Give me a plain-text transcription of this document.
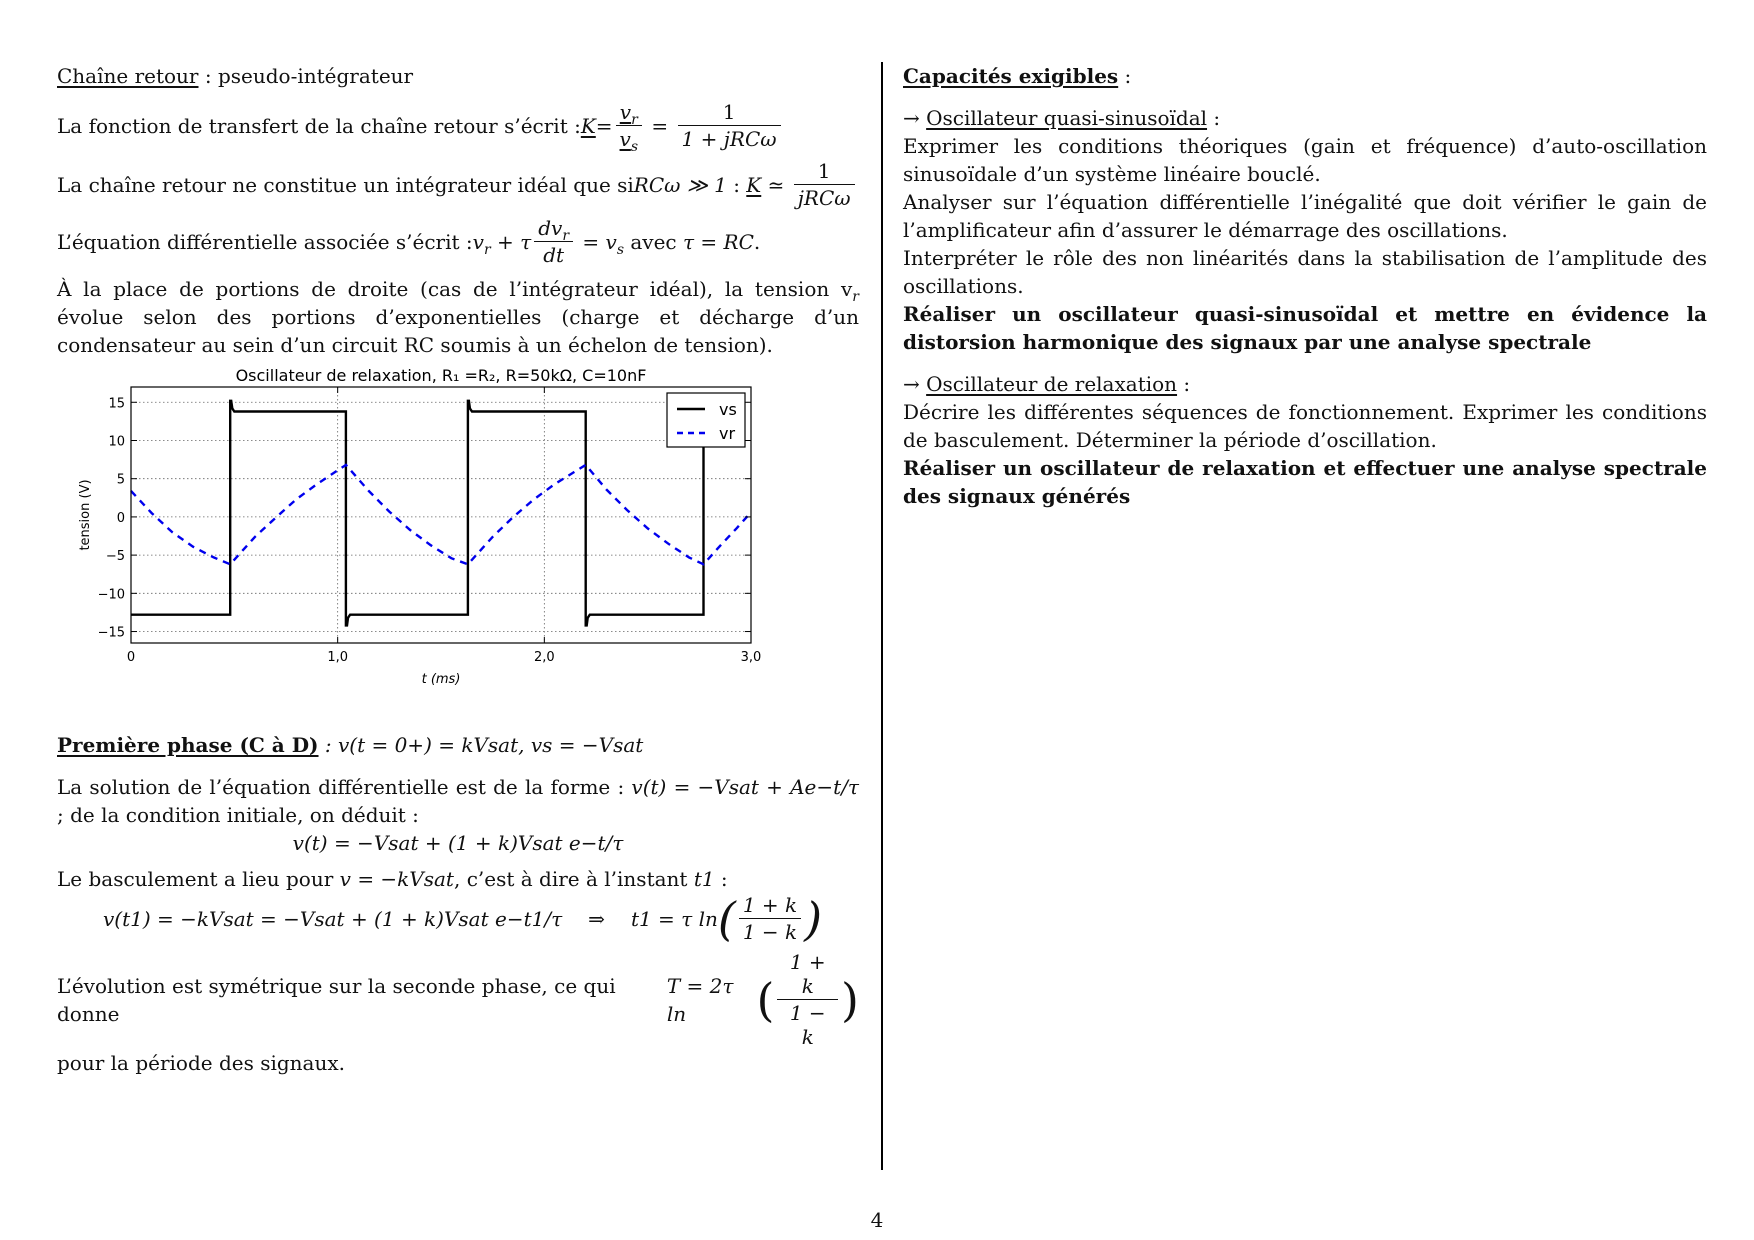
Chaîne retour : pseudo-intégrateur

La fonction de transfert de la chaîne retour s’écrit : $K = \frac{v_r}{v_s} = \frac{1}{\text{1 + jRCω}}$

La chaîne retour ne constitue un intégrateur idéal que si RCω ≫ 1 : K ≃ $\frac{1}{\text{jRCω}}$

L’équation différentielle associée s’écrit : $v_r + \tau \frac{dv_r}{dt} = v_s$ avec τ = RC .

À la place de portions de droite (cas de l’intégrateur idéal), la tension $v_r$ évolue selon des portions d’exponentielles (charge et décharge d’un condensateur au sein d’un circuit RC soumis à un échelon de tension).

15
10
5
0
−5
−10
−15
0	1,0	2,0	3,0
Oscillateur de relaxation, R₁ =R₂, R=50kΩ, C=10nF
t (ms)
tension (V)
vs
vr

Première phase (C à D) : v(t = 0+) = kVsat, vs = −Vsat

La solution de l’équation différentielle est de la forme : v(t) = −Vsat + Ae−t/τ ; de la condition initiale, on déduit :

v(t) = −Vsat + (1 + k)Vsat e−t/τ

Le basculement a lieu pour v = −kVsat, c’est à dire à l’instant t1 :

v(t1) = −kVsat = −Vsat + (1 + k)Vsat e−t1/τ ⇒ t1 = τ ln ( $\frac{1 + k}{1 - k}$ )

L’évolution est symétrique sur la seconde phase, ce qui donne
T = 2τ ln	( $\frac{1 + k}{1 - k}$ )

pour la période des signaux.

Capacités exigibles :

→ Oscillateur quasi-sinusoïdal :

Exprimer les conditions théoriques (gain et fréquence) d’auto-oscillation sinusoïdale d’un système linéaire bouclé.

Analyser sur l’équation différentielle l’inégalité que doit vérifier le gain de l’amplificateur afin d’assurer le démarrage des oscillations.

Interpréter le rôle des non linéarités dans la stabilisation de l’amplitude des oscillations.

Réaliser un oscillateur quasi-sinusoïdal et mettre en évidence la distorsion harmonique des signaux par une analyse spectrale

→ Oscillateur de relaxation :

Décrire les différentes séquences de fonctionnement. Exprimer les conditions de basculement. Déterminer la période d’oscillation.

Réaliser un oscillateur de relaxation et effectuer une analyse spectrale des signaux générés

4
